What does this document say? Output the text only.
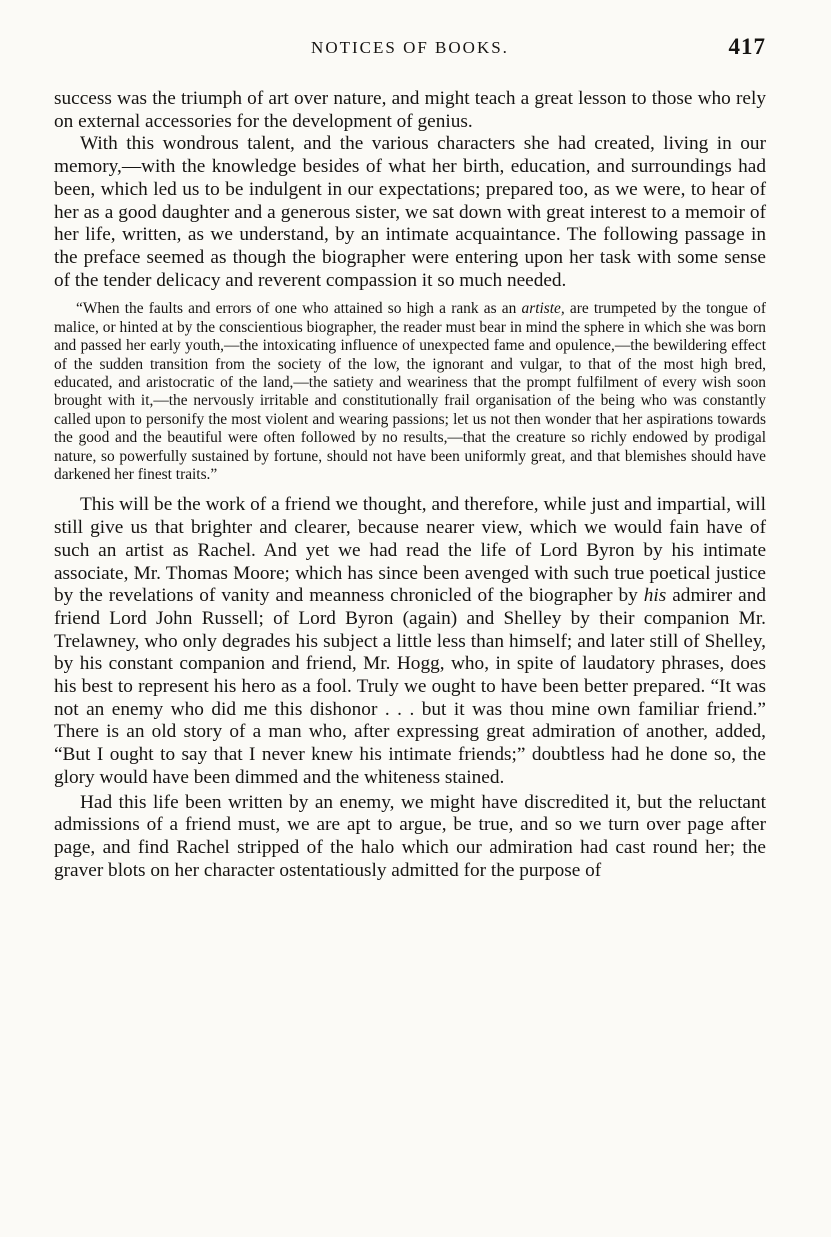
NOTICES OF BOOKS.	417

success was the triumph of art over nature, and might teach a great lesson to those who rely on external accessories for the development of genius.

With this wondrous talent, and the various characters she had created, living in our memory,—with the knowledge besides of what her birth, education, and surroundings had been, which led us to be indulgent in our expectations; prepared too, as we were, to hear of her as a good daughter and a generous sister, we sat down with great interest to a memoir of her life, written, as we understand, by an intimate acquaintance. The following passage in the preface seemed as though the biographer were entering upon her task with some sense of the tender delicacy and reverent compassion it so much needed.

“When the faults and errors of one who attained so high a rank as an artiste, are trumpeted by the tongue of malice, or hinted at by the conscientious biographer, the reader must bear in mind the sphere in which she was born and passed her early youth,—the intoxicating influence of unexpected fame and opulence,—the bewildering effect of the sudden transition from the society of the low, the ignorant and vulgar, to that of the most high bred, educated, and aristocratic of the land,—the satiety and weariness that the prompt fulfilment of every wish soon brought with it,—the nervously irritable and constitutionally frail organisation of the being who was constantly called upon to personify the most violent and wearing passions; let us not then wonder that her aspirations towards the good and the beautiful were often followed by no results,—that the creature so richly endowed by prodigal nature, so powerfully sustained by fortune, should not have been uniformly great, and that blemishes should have darkened her finest traits.”

This will be the work of a friend we thought, and therefore, while just and impartial, will still give us that brighter and clearer, because nearer view, which we would fain have of such an artist as Rachel. And yet we had read the life of Lord Byron by his intimate associate, Mr. Thomas Moore; which has since been avenged with such true poetical justice by the revelations of vanity and meanness chronicled of the biographer by his admirer and friend Lord John Russell; of Lord Byron (again) and Shelley by their companion Mr. Trelawney, who only degrades his subject a little less than himself; and later still of Shelley, by his constant companion and friend, Mr. Hogg, who, in spite of laudatory phrases, does his best to represent his hero as a fool. Truly we ought to have been better prepared. “It was not an enemy who did me this dishonor . . . but it was thou mine own familiar friend.” There is an old story of a man who, after expressing great admiration of another, added, “But I ought to say that I never knew his intimate friends;” doubtless had he done so, the glory would have been dimmed and the whiteness stained.

Had this life been written by an enemy, we might have discredited it, but the reluctant admissions of a friend must, we are apt to argue, be true, and so we turn over page after page, and find Rachel stripped of the halo which our admiration had cast round her; the graver blots on her character ostentatiously admitted for the purpose of
